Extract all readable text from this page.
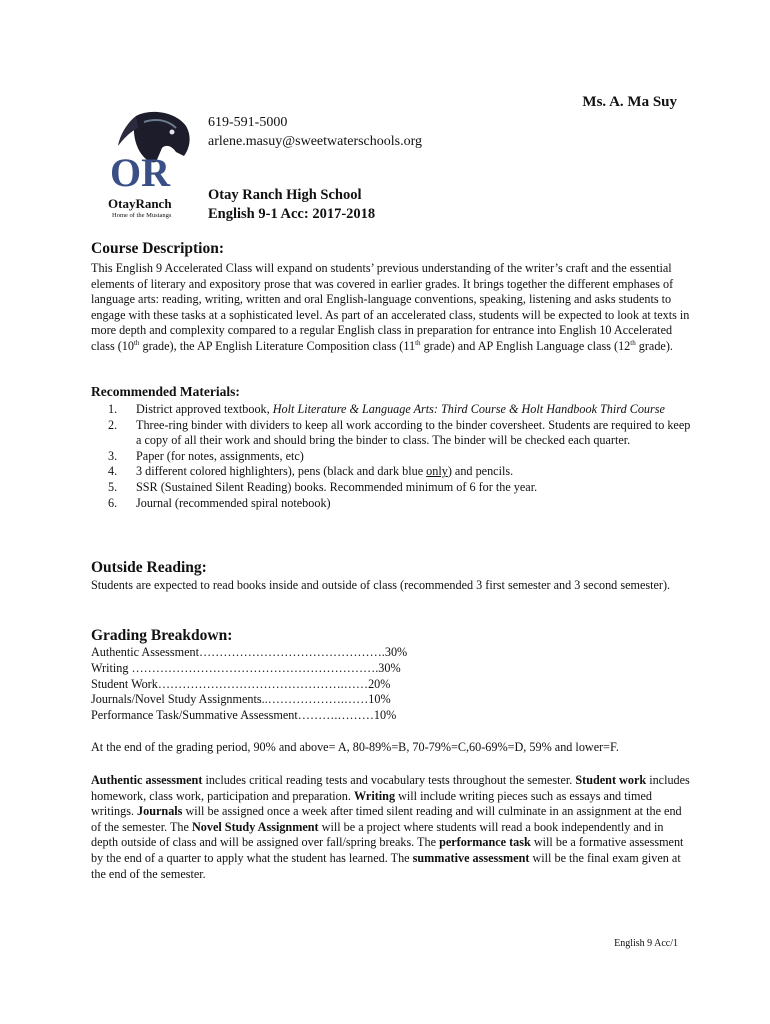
Ms. A. Ma Suy
OR
OtayRanch
Home of the Mustangs
619-591-5000
arlene.masuy@sweetwaterschools.org
Otay Ranch High School
English 9-1 Acc: 2017-2018
Course Description:
This English 9 Accelerated Class will expand on students’ previous understanding of the writer’s craft and the essential elements of literary and expository prose that was covered in earlier grades. It brings together the different emphases of language arts: reading, writing, written and oral English-language conventions, speaking, listening and asks students to engage with these tasks at a sophisticated level. As part of an accelerated class, students will be expected to look at texts in more depth and complexity compared to a regular English class in preparation for entrance into English 10 Accelerated class (10th grade), the AP English Literature Composition class (11th grade) and AP English Language class (12th grade).
Recommended Materials:
1.	District approved textbook, Holt Literature & Language Arts: Third Course & Holt Handbook Third Course
2.	Three-ring binder with dividers to keep all work according to the binder coversheet. Students are required to keep a copy of all their work and should bring the binder to class. The binder will be checked each quarter.
3.	Paper (for notes, assignments, etc)
4.	3 different colored highlighters), pens (black and dark blue only) and pencils.
5.	SSR (Sustained Silent Reading) books. Recommended minimum of 6 for the year.
6.	Journal (recommended spiral notebook)
Outside Reading:
Students are expected to read books inside and outside of class (recommended 3 first semester and 3 second semester).
Grading Breakdown:
Authentic Assessment……………………………………….30%
Writing …………………………………………………….30%
Student Work……………………………………….……20%
Journals/Novel Study Assignments..……………….……10%
Performance Task/Summative Assessment……….………10%
At the end of the grading period, 90% and above= A, 80-89%=B, 70-79%=C,60-69%=D, 59% and lower=F.
Authentic assessment includes critical reading tests and vocabulary tests throughout the semester. Student work includes homework, class work, participation and preparation. Writing will include writing pieces such as essays and timed writings. Journals will be assigned once a week after timed silent reading and will culminate in an assignment at the end of the semester. The Novel Study Assignment will be a project where students will read a book independently and in depth outside of class and will be assigned over fall/spring breaks. The performance task will be a formative assessment by the end of a quarter to apply what the student has learned. The summative assessment will be the final exam given at the end of the semester.
English 9 Acc/1
